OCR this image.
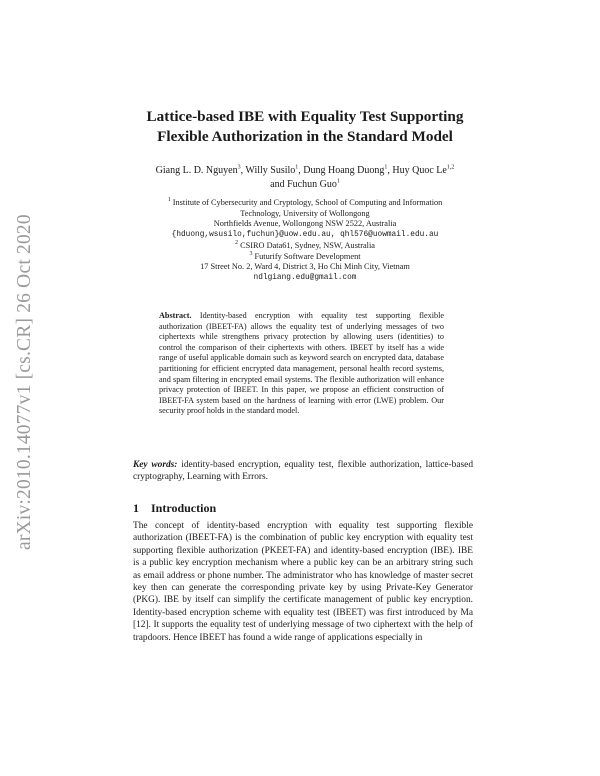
arXiv:2010.14077v1 [cs.CR] 26 Oct 2020
Lattice-based IBE with Equality Test Supporting Flexible Authorization in the Standard Model
Giang L. D. Nguyen$^3$, Willy Susilo$^1$, Dung Hoang Duong$^1$, Huy Quoc Le$^{1,2}$
and Fuchun Guo$^1$
$^1$ Institute of Cybersecurity and Cryptology, School of Computing and Information
Technology, University of Wollongong
Northfields Avenue, Wollongong NSW 2522, Australia
{hduong,wsusilo,fuchun}@uow.edu.au, qhl576@uowmail.edu.au
$^2$ CSIRO Data61, Sydney, NSW, Australia
$^3$ Futurify Software Development
17 Street No. 2, Ward 4, District 3, Ho Chi Minh City, Vietnam
ndlgiang.edu@gmail.com
Abstract. Identity-based encryption with equality test supporting flexible authorization (IBEET-FA) allows the equality test of underlying messages of two ciphertexts while strengthens privacy protection by allowing users (identities) to control the comparison of their ciphertexts with others. IBEET by itself has a wide range of useful applicable domain such as keyword search on encrypted data, database partitioning for efficient encrypted data management, personal health record systems, and spam filtering in encrypted email systems. The flexible authorization will enhance privacy protection of IBEET. In this paper, we propose an efficient construction of IBEET-FA system based on the hardness of learning with error (LWE) problem. Our security proof holds in the standard model.
Key words: identity-based encryption, equality test, flexible authorization, lattice-based cryptography, Learning with Errors.
1 Introduction
The concept of identity-based encryption with equality test supporting flexible authorization (IBEET-FA) is the combination of public key encryption with equality test supporting flexible authorization (PKEET-FA) and identity-based encryption (IBE). IBE is a public key encryption mechanism where a public key can be an arbitrary string such as email address or phone number. The administrator who has knowledge of master secret key then can generate the corresponding private key by using Private-Key Generator (PKG). IBE by itself can simplify the certificate management of public key encryption. Identity-based encryption scheme with equality test (IBEET) was first introduced by Ma [12]. It supports the equality test of underlying message of two ciphertext with the help of trapdoors. Hence IBEET has found a wide range of applications especially in
